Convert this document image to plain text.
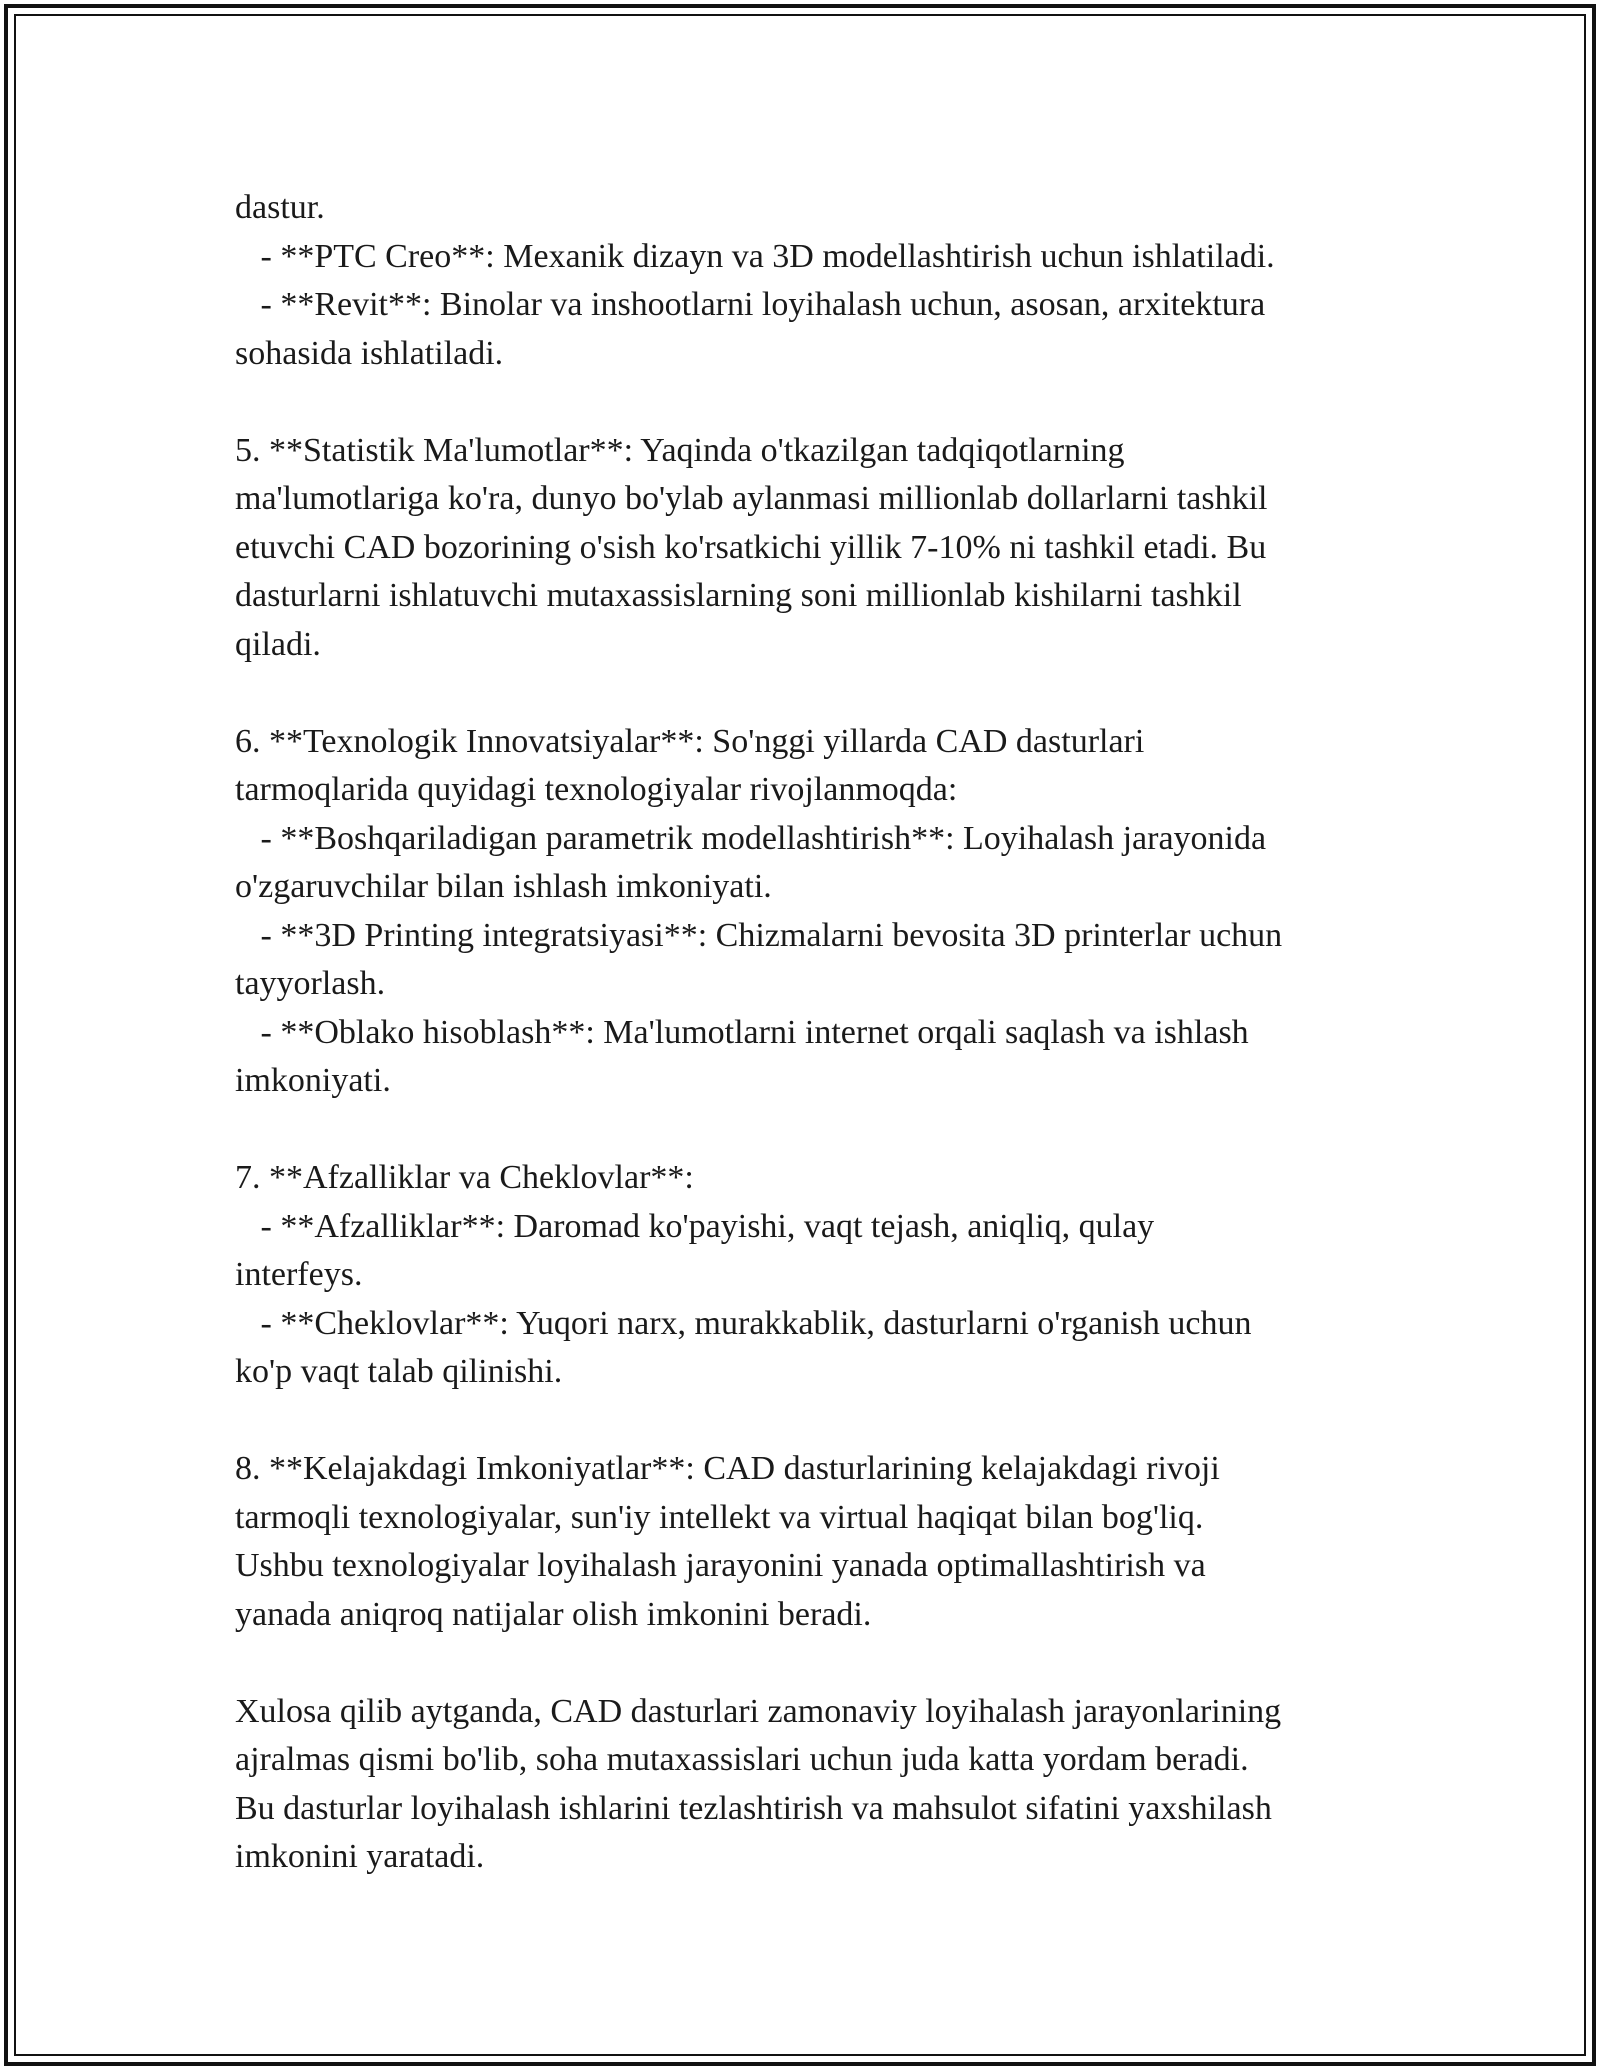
dastur.
- **PTC Creo**: Mexanik dizayn va 3D modellashtirish uchun ishlatiladi.
- **Revit**: Binolar va inshootlarni loyihalash uchun, asosan, arxitektura
sohasida ishlatiladi.
5. **Statistik Ma'lumotlar**: Yaqinda o'tkazilgan tadqiqotlarning
ma'lumotlariga ko'ra, dunyo bo'ylab aylanmasi millionlab dollarlarni tashkil
etuvchi CAD bozorining o'sish ko'rsatkichi yillik 7-10% ni tashkil etadi. Bu
dasturlarni ishlatuvchi mutaxassislarning soni millionlab kishilarni tashkil
qiladi.
6. **Texnologik Innovatsiyalar**: So'nggi yillarda CAD dasturlari
tarmoqlarida quyidagi texnologiyalar rivojlanmoqda:
- **Boshqariladigan parametrik modellashtirish**: Loyihalash jarayonida
o'zgaruvchilar bilan ishlash imkoniyati.
- **3D Printing integratsiyasi**: Chizmalarni bevosita 3D printerlar uchun
tayyorlash.
- **Oblako hisoblash**: Ma'lumotlarni internet orqali saqlash va ishlash
imkoniyati.
7. **Afzalliklar va Cheklovlar**:
- **Afzalliklar**: Daromad ko'payishi, vaqt tejash, aniqliq, qulay
interfeys.
- **Cheklovlar**: Yuqori narx, murakkablik, dasturlarni o'rganish uchun
ko'p vaqt talab qilinishi.
8. **Kelajakdagi Imkoniyatlar**: CAD dasturlarining kelajakdagi rivoji
tarmoqli texnologiyalar, sun'iy intellekt va virtual haqiqat bilan bog'liq.
Ushbu texnologiyalar loyihalash jarayonini yanada optimallashtirish va
yanada aniqroq natijalar olish imkonini beradi.
Xulosa qilib aytganda, CAD dasturlari zamonaviy loyihalash jarayonlarining
ajralmas qismi bo'lib, soha mutaxassislari uchun juda katta yordam beradi.
Bu dasturlar loyihalash ishlarini tezlashtirish va mahsulot sifatini yaxshilash
imkonini yaratadi.
